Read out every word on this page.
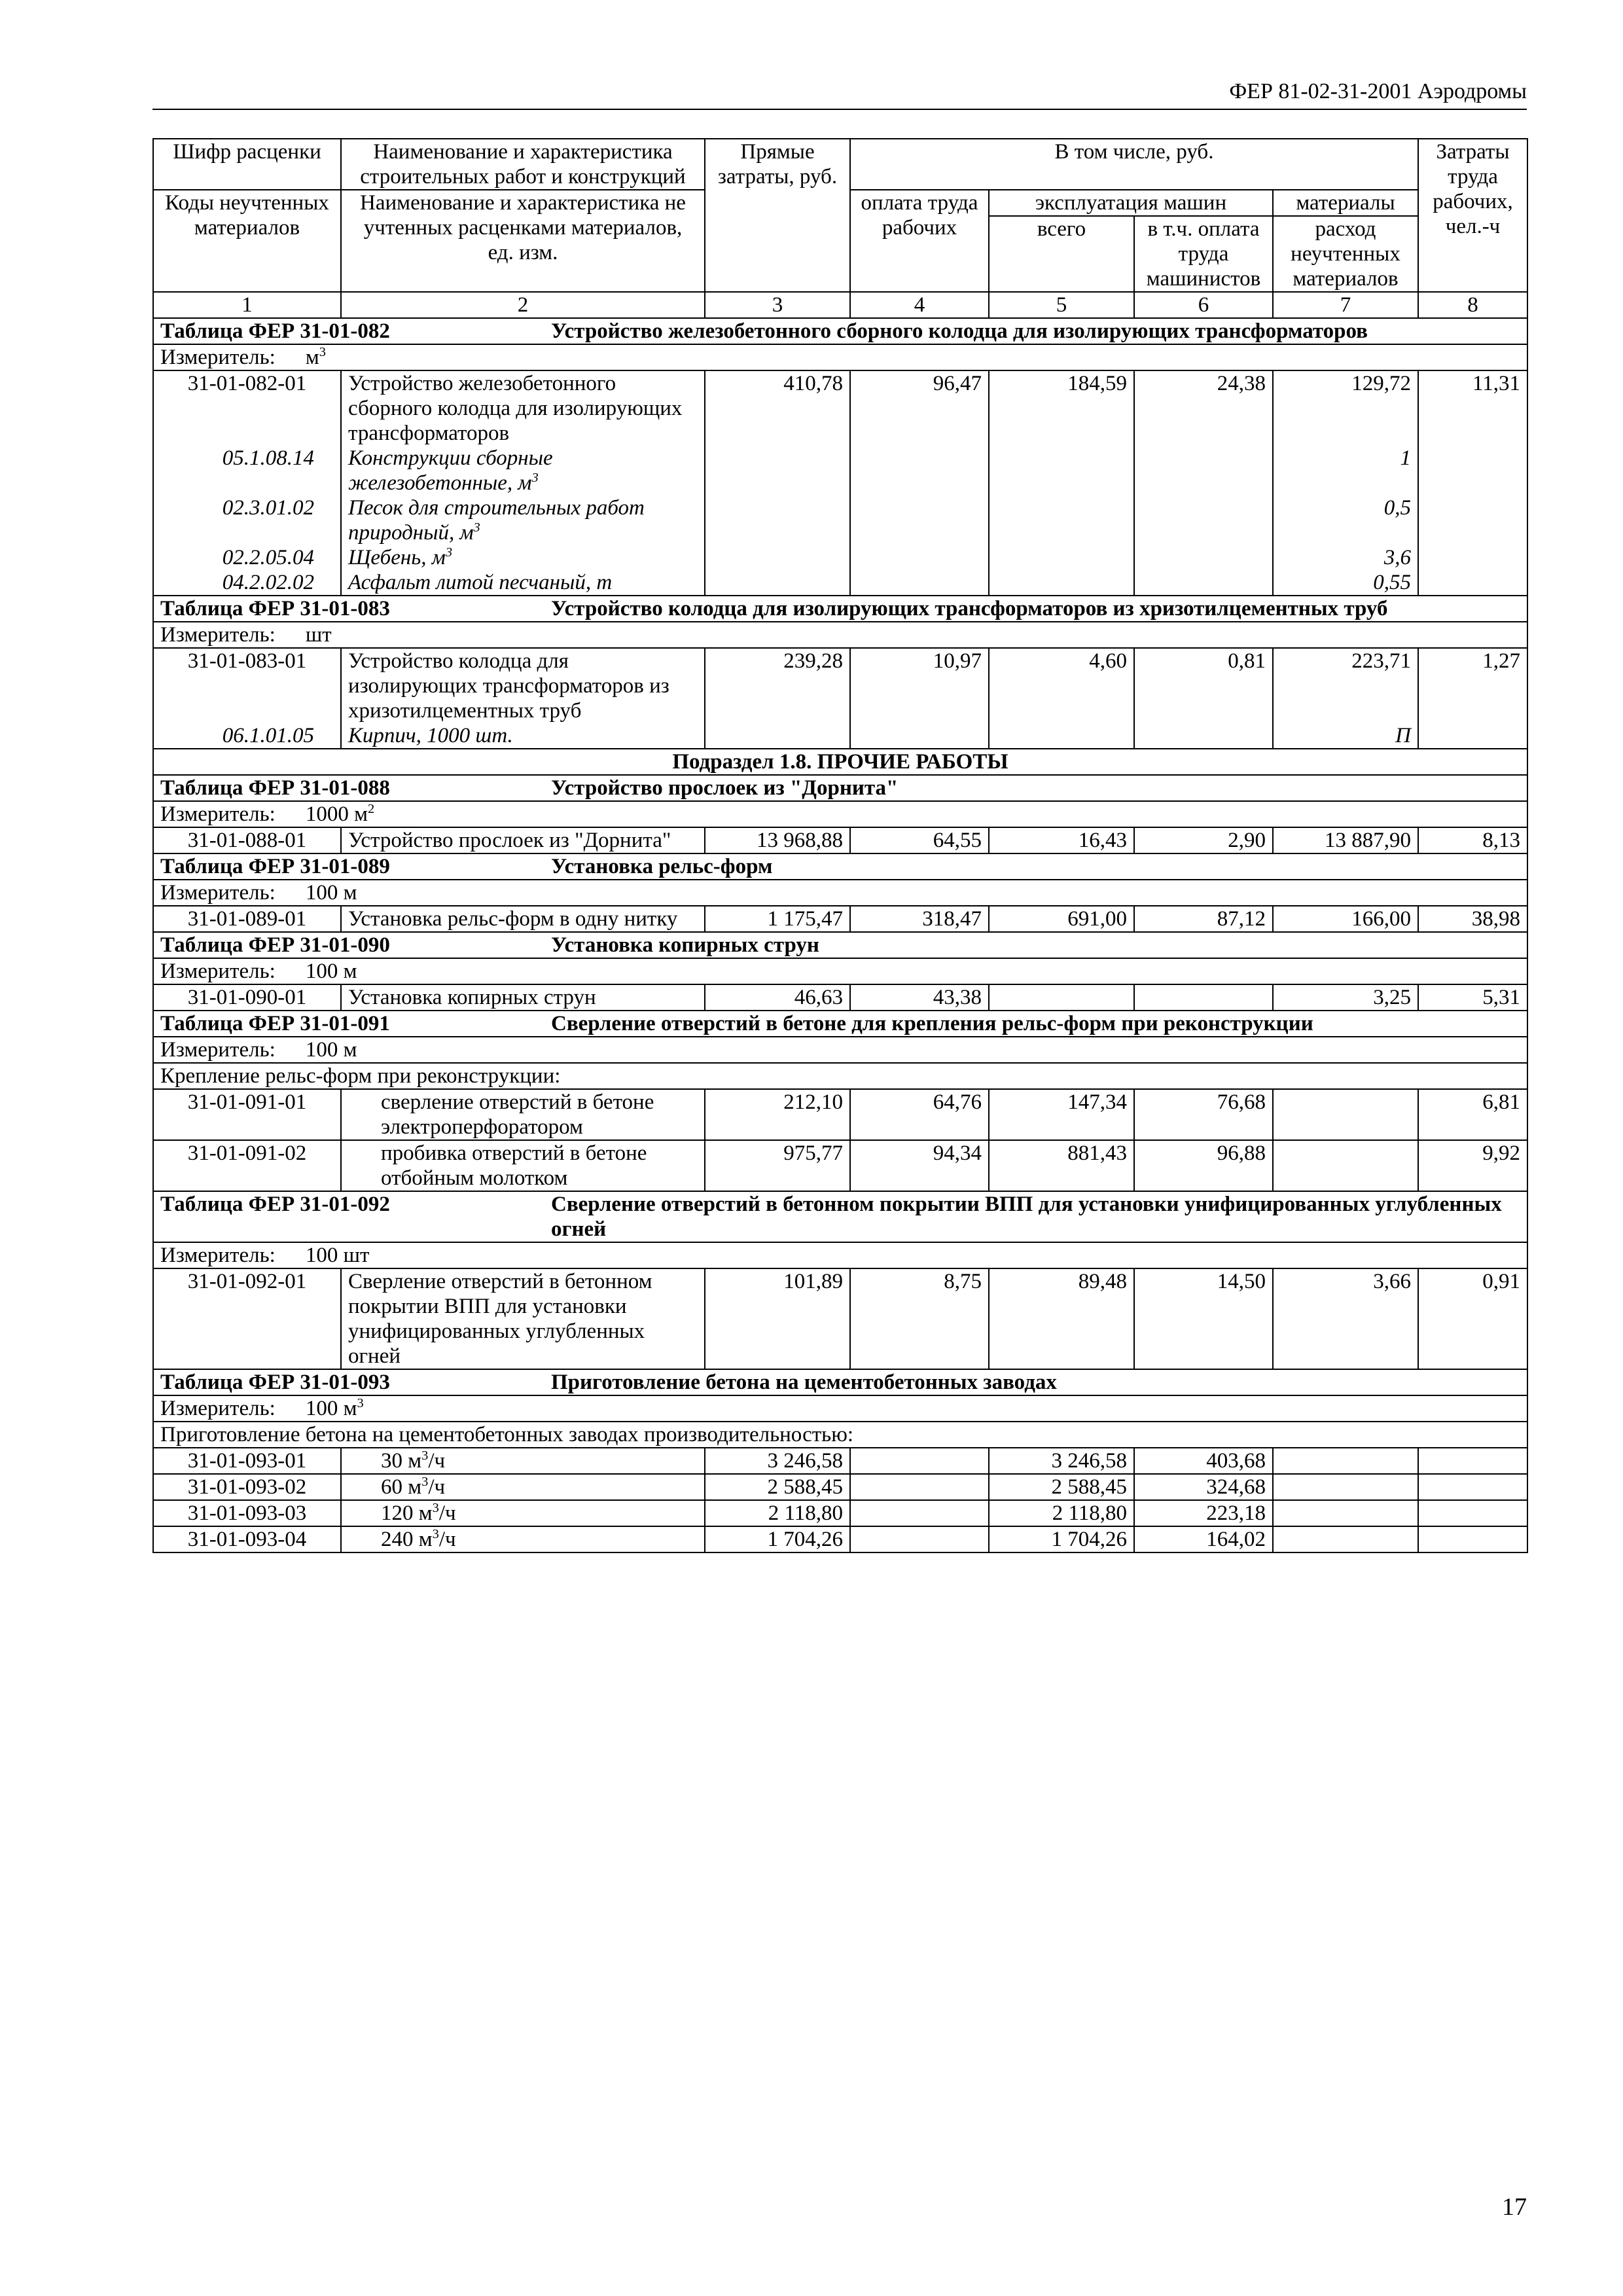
ФЕР 81-02-31-2001 Аэродромы
Шифр расценки	Наименование и характеристика строительных работ и конструкций	Прямые затраты, руб.	В том числе, руб.				Затраты труда рабочих, чел.-ч
Коды неучтенных материалов	Наименование и характеристика не учтенных расценками материалов, ед. изм.		оплата труда рабочих	эксплуатация машин		материалы	
				всего	в т.ч. оплата труда машинистов	расход неучтенных материалов	

1	2	3	4	5	6	7	8

Таблица ФЕР 31-01-082 Устройство железобетонного сборного колодца для изолирующих трансформаторов							

Измеритель: $м^3$
31-01-082-01	Устройство железобетонного сборного колодца для изолирующих трансформаторов	410,78	96,47	184,59	24,38	129,72	11,31
05.1.08.14	Конструкции сборные железобетонные, $м^3$					1	
02.3.01.02	Песок для строительных работ природный, $м^3$					0,5	
02.2.05.04	Щебень, $м^3$					3,6	
04.2.02.02	Асфальт литой песчаный, т					0,55	

Таблица ФЕР 31-01-083 Устройство колодца для изолирующих трансформаторов из хризотилцементных труб							

Измеритель: шт							
31-01-083-01	Устройство колодца для изолирующих трансформаторов из хризотилцементных труб	239,28	10,97	4,60	0,81	223,71	1,27
06.1.01.05	Кирпич, 1000 шт.					П	
Подраздел 1.8. ПРОЧИЕ РАБОТЫ							

Таблица ФЕР 31-01-088 Устройство прослоек из "Дорнита"							

Измеритель: 1000 $м^2$
31-01-088-01	Устройство прослоек из "Дорнита"	13 968,88	64,55	16,43	2,90	13 887,90	8,13

Таблица ФЕР 31-01-089 Установка рельс-форм							

Измеритель: 100 м							
31-01-089-01	Установка рельс-форм в одну нитку	1 175,47	318,47	691,00	87,12	166,00	38,98

Таблица ФЕР 31-01-090 Установка копирных струн							

Измеритель: 100 м							
31-01-090-01	Установка копирных струн	46,63	43,38			3,25	5,31

Таблица ФЕР 31-01-091 Сверление отверстий в бетоне для крепления рельс-форм при реконструкции							

Измеритель: 100 м							
Крепление рельс-форм при реконструкции:							
31-01-091-01	сверление отверстий в бетоне электроперфоратором	212,10	64,76	147,34	76,68		6,81
31-01-091-02	пробивка отверстий в бетоне отбойным молотком	975,77	94,34	881,43	96,88		9,92

Таблица ФЕР 31-01-092 Сверление отверстий в бетонном покрытии ВПП для установки унифицированных углубленных огней							

Измеритель: 100 шт							
31-01-092-01	Сверление отверстий в бетонном покрытии ВПП для установки унифицированных углубленных огней	101,89	8,75	89,48	14,50	3,66	0,91

Таблица ФЕР 31-01-093 Приготовление бетона на цементобетонных заводах							

Измеритель: 100 $м^3$
Приготовление бетона на цементобетонных заводах производительностью:							
31-01-093-01	30 $м^3/ч$	3 246,58		3 246,58	403,68		
31-01-093-02	60 $м^3/ч$	2 588,45		2 588,45	324,68		
31-01-093-03	120 $м^3/ч$	2 118,80		2 118,80	223,18		
31-01-093-04	240 $м^3/ч$	1 704,26		1 704,26	164,02		
17
